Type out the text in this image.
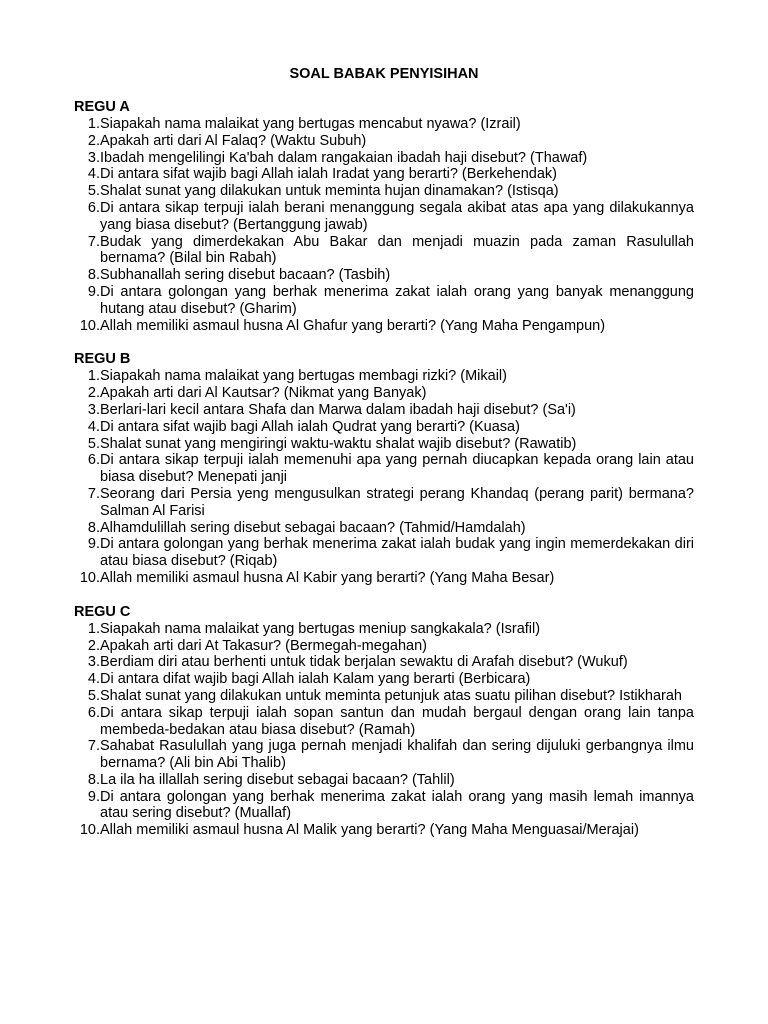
SOAL BABAK PENYISIHAN
REGU A
1. Siapakah nama malaikat yang bertugas mencabut nyawa? (Izrail)
2. Apakah arti dari Al Falaq? (Waktu Subuh)
3. Ibadah mengelilingi Ka'bah dalam rangakaian ibadah haji disebut? (Thawaf)
4. Di antara sifat wajib bagi Allah ialah Iradat yang berarti? (Berkehendak)
5. Shalat sunat yang dilakukan untuk meminta hujan dinamakan? (Istisqa)
6. Di antara sikap terpuji ialah berani menanggung segala akibat atas apa yang dilakukannya yang biasa disebut? (Bertanggung jawab)
7. Budak yang dimerdekakan Abu Bakar dan menjadi muazin pada zaman Rasulullah bernama? (Bilal bin Rabah)
8. Subhanallah sering disebut bacaan? (Tasbih)
9. Di antara golongan yang berhak menerima zakat ialah orang yang banyak menanggung hutang atau disebut? (Gharim)
10. Allah memiliki asmaul husna Al Ghafur yang berarti? (Yang Maha Pengampun)
REGU B
1. Siapakah nama malaikat yang bertugas membagi rizki? (Mikail)
2. Apakah arti dari Al Kautsar? (Nikmat yang Banyak)
3. Berlari-lari kecil antara Shafa dan Marwa dalam ibadah haji disebut? (Sa'i)
4. Di antara sifat wajib bagi Allah ialah Qudrat yang berarti? (Kuasa)
5. Shalat sunat yang mengiringi waktu-waktu shalat wajib disebut? (Rawatib)
6. Di antara sikap terpuji ialah memenuhi apa yang pernah diucapkan kepada orang lain atau biasa disebut? Menepati janji
7. Seorang dari Persia yeng mengusulkan strategi perang Khandaq (perang parit) bermana? Salman Al Farisi
8. Alhamdulillah sering disebut sebagai bacaan? (Tahmid/Hamdalah)
9. Di antara golongan yang berhak menerima zakat ialah budak yang ingin memerdekakan diri atau biasa disebut? (Riqab)
10. Allah memiliki asmaul husna Al Kabir yang berarti? (Yang Maha Besar)
REGU C
1. Siapakah nama malaikat yang bertugas meniup sangkakala? (Israfil)
2. Apakah arti dari At Takasur? (Bermegah-megahan)
3. Berdiam diri atau berhenti untuk tidak berjalan sewaktu di Arafah disebut? (Wukuf)
4. Di antara difat wajib bagi Allah ialah Kalam yang berarti (Berbicara)
5. Shalat sunat yang dilakukan untuk meminta petunjuk atas suatu pilihan disebut? Istikharah
6. Di antara sikap terpuji ialah sopan santun dan mudah bergaul dengan orang lain tanpa membeda-bedakan atau biasa disebut? (Ramah)
7. Sahabat Rasulullah yang juga pernah menjadi khalifah dan sering dijuluki gerbangnya ilmu bernama? (Ali bin Abi Thalib)
8. La ila ha illallah sering disebut sebagai bacaan? (Tahlil)
9. Di antara golongan yang berhak menerima zakat ialah orang yang masih lemah imannya atau sering disebut? (Muallaf)
10. Allah memiliki asmaul husna Al Malik yang berarti? (Yang Maha Menguasai/Merajai)
